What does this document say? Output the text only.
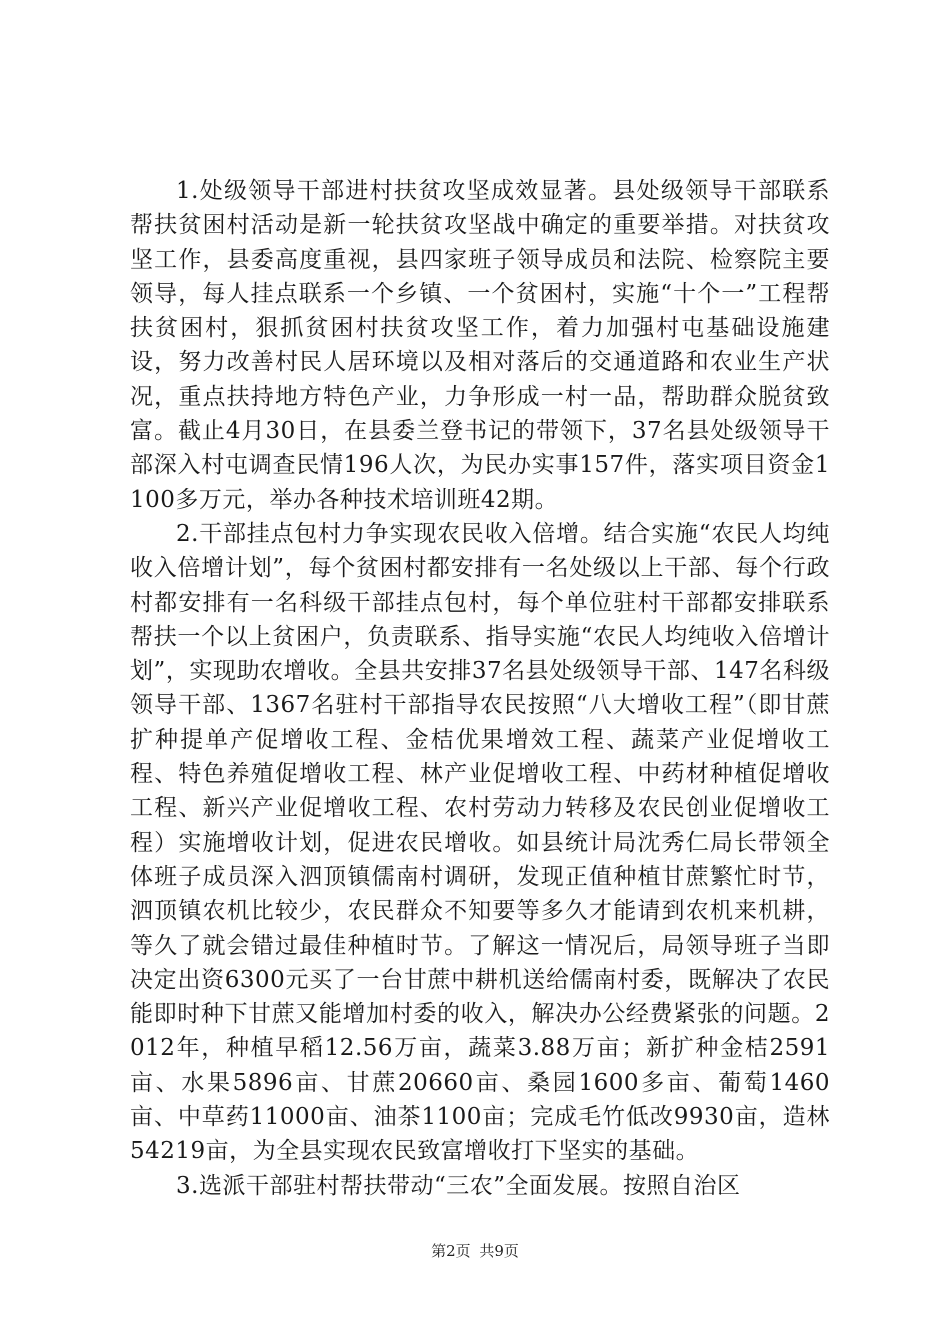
1.处级领导干部进村扶贫攻坚成效显著。县处级领导干部联系帮扶贫困村活动是新一轮扶贫攻坚战中确定的重要举措。对扶贫攻坚工作，县委高度重视，县四家班子领导成员和法院、检察院主要领导，每人挂点联系一个乡镇、一个贫困村，实施“十个一”工程帮扶贫困村，狠抓贫困村扶贫攻坚工作，着力加强村屯基础设施建设，努力改善村民人居环境以及相对落后的交通道路和农业生产状况，重点扶持地方特色产业，力争形成一村一品，帮助群众脱贫致富。截止4月30日，在县委兰登书记的带领下，37名县处级领导干部深入村屯调查民情196人次，为民办实事157件，落实项目资金1100多万元，举办各种技术培训班42期。

2.干部挂点包村力争实现农民收入倍增。结合实施“农民人均纯收入倍增计划”，每个贫困村都安排有一名处级以上干部、每个行政村都安排有一名科级干部挂点包村，每个单位驻村干部都安排联系帮扶一个以上贫困户，负责联系、指导实施“农民人均纯收入倍增计划”，实现助农增收。全县共安排37名县处级领导干部、147名科级领导干部、1367名驻村干部指导农民按照“八大增收工程”（即甘蔗扩种提单产促增收工程、金桔优果增效工程、蔬菜产业促增收工程、特色养殖促增收工程、林产业促增收工程、中药材种植促增收工程、新兴产业促增收工程、农村劳动力转移及农民创业促增收工程）实施增收计划，促进农民增收。如县统计局沈秀仁局长带领全体班子成员深入泗顶镇儒南村调研，发现正值种植甘蔗繁忙时节，泗顶镇农机比较少，农民群众不知要等多久才能请到农机来机耕，等久了就会错过最佳种植时节。了解这一情况后，局领导班子当即决定出资6300元买了一台甘蔗中耕机送给儒南村委，既解决了农民能即时种下甘蔗又能增加村委的收入，解决办公经费紧张的问题。2012年，种植早稻12.56万亩，蔬菜3.88万亩；新扩种金桔2591亩、水果5896亩、甘蔗20660亩、桑园1600多亩、葡萄1460亩、中草药11000亩、油茶1100亩；完成毛竹低改9930亩，造林54219亩，为全县实现农民致富增收打下坚实的基础。

3.选派干部驻村帮扶带动“三农”全面发展。按照自治区

第2页 共9页
